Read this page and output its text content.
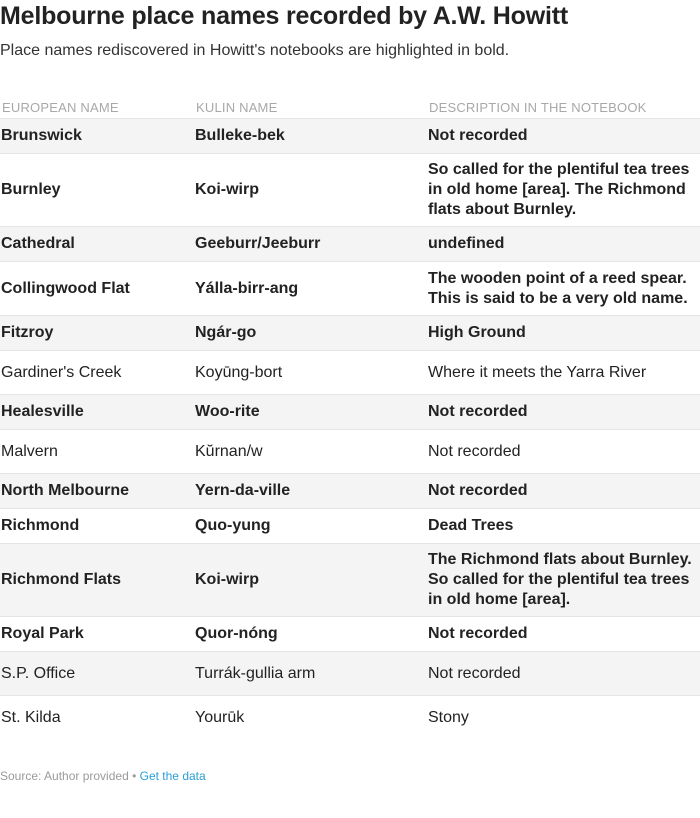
Melbourne place names recorded by A.W. Howitt
Place names rediscovered in Howitt's notebooks are highlighted in bold.
EUROPEAN NAME	KULIN NAME	DESCRIPTION IN THE NOTEBOOK
Brunswick	Bulleke-bek	Not recorded
Burnley	Koi-wirp	So called for the plentiful tea trees in old home [area]. The Richmond flats about Burnley.
Cathedral	Geeburr/Jeeburr	undefined
Collingwood Flat	Yálla-birr-ang	The wooden point of a reed spear. This is said to be a very old name.
Fitzroy	Ngár-go	High Ground
Gardiner's Creek	Koyūng-bort	Where it meets the Yarra River
Healesville	Woo-rite	Not recorded
Malvern	Kŭrnan/w	Not recorded
North Melbourne	Yern-da-ville	Not recorded
Richmond	Quo-yung	Dead Trees
Richmond Flats	Koi-wirp	The Richmond flats about Burnley. So called for the plentiful tea trees in old home [area].
Royal Park	Quor-nóng	Not recorded
S.P. Office	Turrák-gullia arm	Not recorded
St. Kilda	Yourūk	Stony
Source: Author provided • Get the data
